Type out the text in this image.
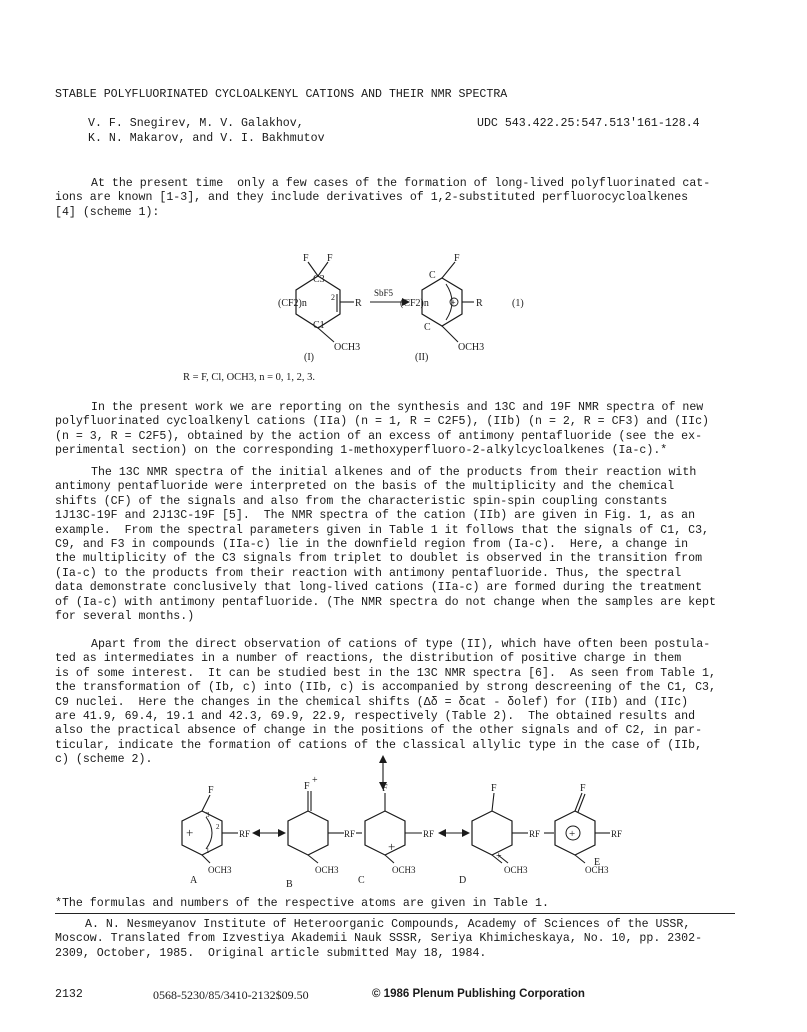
STABLE POLYFLUORINATED CYCLOALKENYL CATIONS AND THEIR NMR SPECTRA
V. F. Snegirev, M. V. Galakhov,
K. N. Makarov, and V. I. Bakhmutov
UDC 543.422.25:547.513'161-128.4

At the present time  only a few cases of the formation of long-lived polyfluorinated cat-

ions are known [1-3], and they include derivatives of 1,2-substituted perfluorocycloalkenes

[4] (scheme 1):

F F
C3
2
(CF2)n	R
C1
OCH3
SbF5
F
C
(CF2)n	+ R
C
OCH3
(1)
(I)	(II)
R = F, Cl, OCH3, n = 0, 1, 2, 3.

In the present work we are reporting on the synthesis and 13C and 19F NMR spectra of new

polyfluorinated cycloalkenyl cations (IIa) (n = 1, R = C2F5), (IIb) (n = 2, R = CF3) and (IIc)

(n = 3, R = C2F5), obtained by the action of an excess of antimony pentafluoride (see the ex-

perimental section) on the corresponding 1-methoxyperfluoro-2-alkylcycloalkenes (Ia-c).*

The 13C NMR spectra of the initial alkenes and of the products from their reaction with

antimony pentafluoride were interpreted on the basis of the multiplicity and the chemical

shifts (CF) of the signals and also from the characteristic spin-spin coupling constants

1J13C-19F and 2J13C-19F [5].  The NMR spectra of the cation (IIb) are given in Fig. 1, as an

example.  From the spectral parameters given in Table 1 it follows that the signals of C1, C3,

C9, and F3 in compounds (IIa-c) lie in the downfield region from (Ia-c).  Here, a change in

the multiplicity of the C3 signals from triplet to doublet is observed in the transition from

(Ia-c) to the products from their reaction with antimony pentafluoride. Thus, the spectral

data demonstrate conclusively that long-lived cations (IIa-c) are formed during the treatment

of (Ia-c) with antimony pentafluoride. (The NMR spectra do not change when the samples are kept

for several months.)

Apart from the direct observation of cations of type (II), which have often been postula-

ted as intermediates in a number of reactions, the distribution of positive charge in them

is of some interest.  It can be studied best in the 13C NMR spectra [6].  As seen from Table 1,

the transformation of (Ib, c) into (IIb, c) is accompanied by strong descreening of the C1, C3,

C9 nuclei.  Here the changes in the chemical shifts (Δδ = δcat - δolef) for (IIb) and (IIc)

are 41.9, 69.4, 19.1 and 42.3, 69.9, 22.9, respectively (Table 2).  The obtained results and

also the practical absence of change in the positions of the other signals and of C2, in par-

ticular, indicate the formation of cations of the classical allylic type in the case of (IIb,

c) (scheme 2).

F
3
2
1
+	RF
OCH3
F
+
RF
OCH3
F
+
RF
OCH3
F
+
RF
OCH3
+
F
RF
OCH3
A	B	C	D
E
*The formulas and numbers of the respective atoms are given in Table 1.

A. N. Nesmeyanov Institute of Heteroorganic Compounds, Academy of Sciences of the USSR,

Moscow. Translated from Izvestiya Akademii Nauk SSSR, Seriya Khimicheskaya, No. 10, pp. 2302-

2309, October, 1985.  Original article submitted May 18, 1984.

2132	0568-5230/85/3410-2132$09.50	© 1986 Plenum Publishing Corporation
